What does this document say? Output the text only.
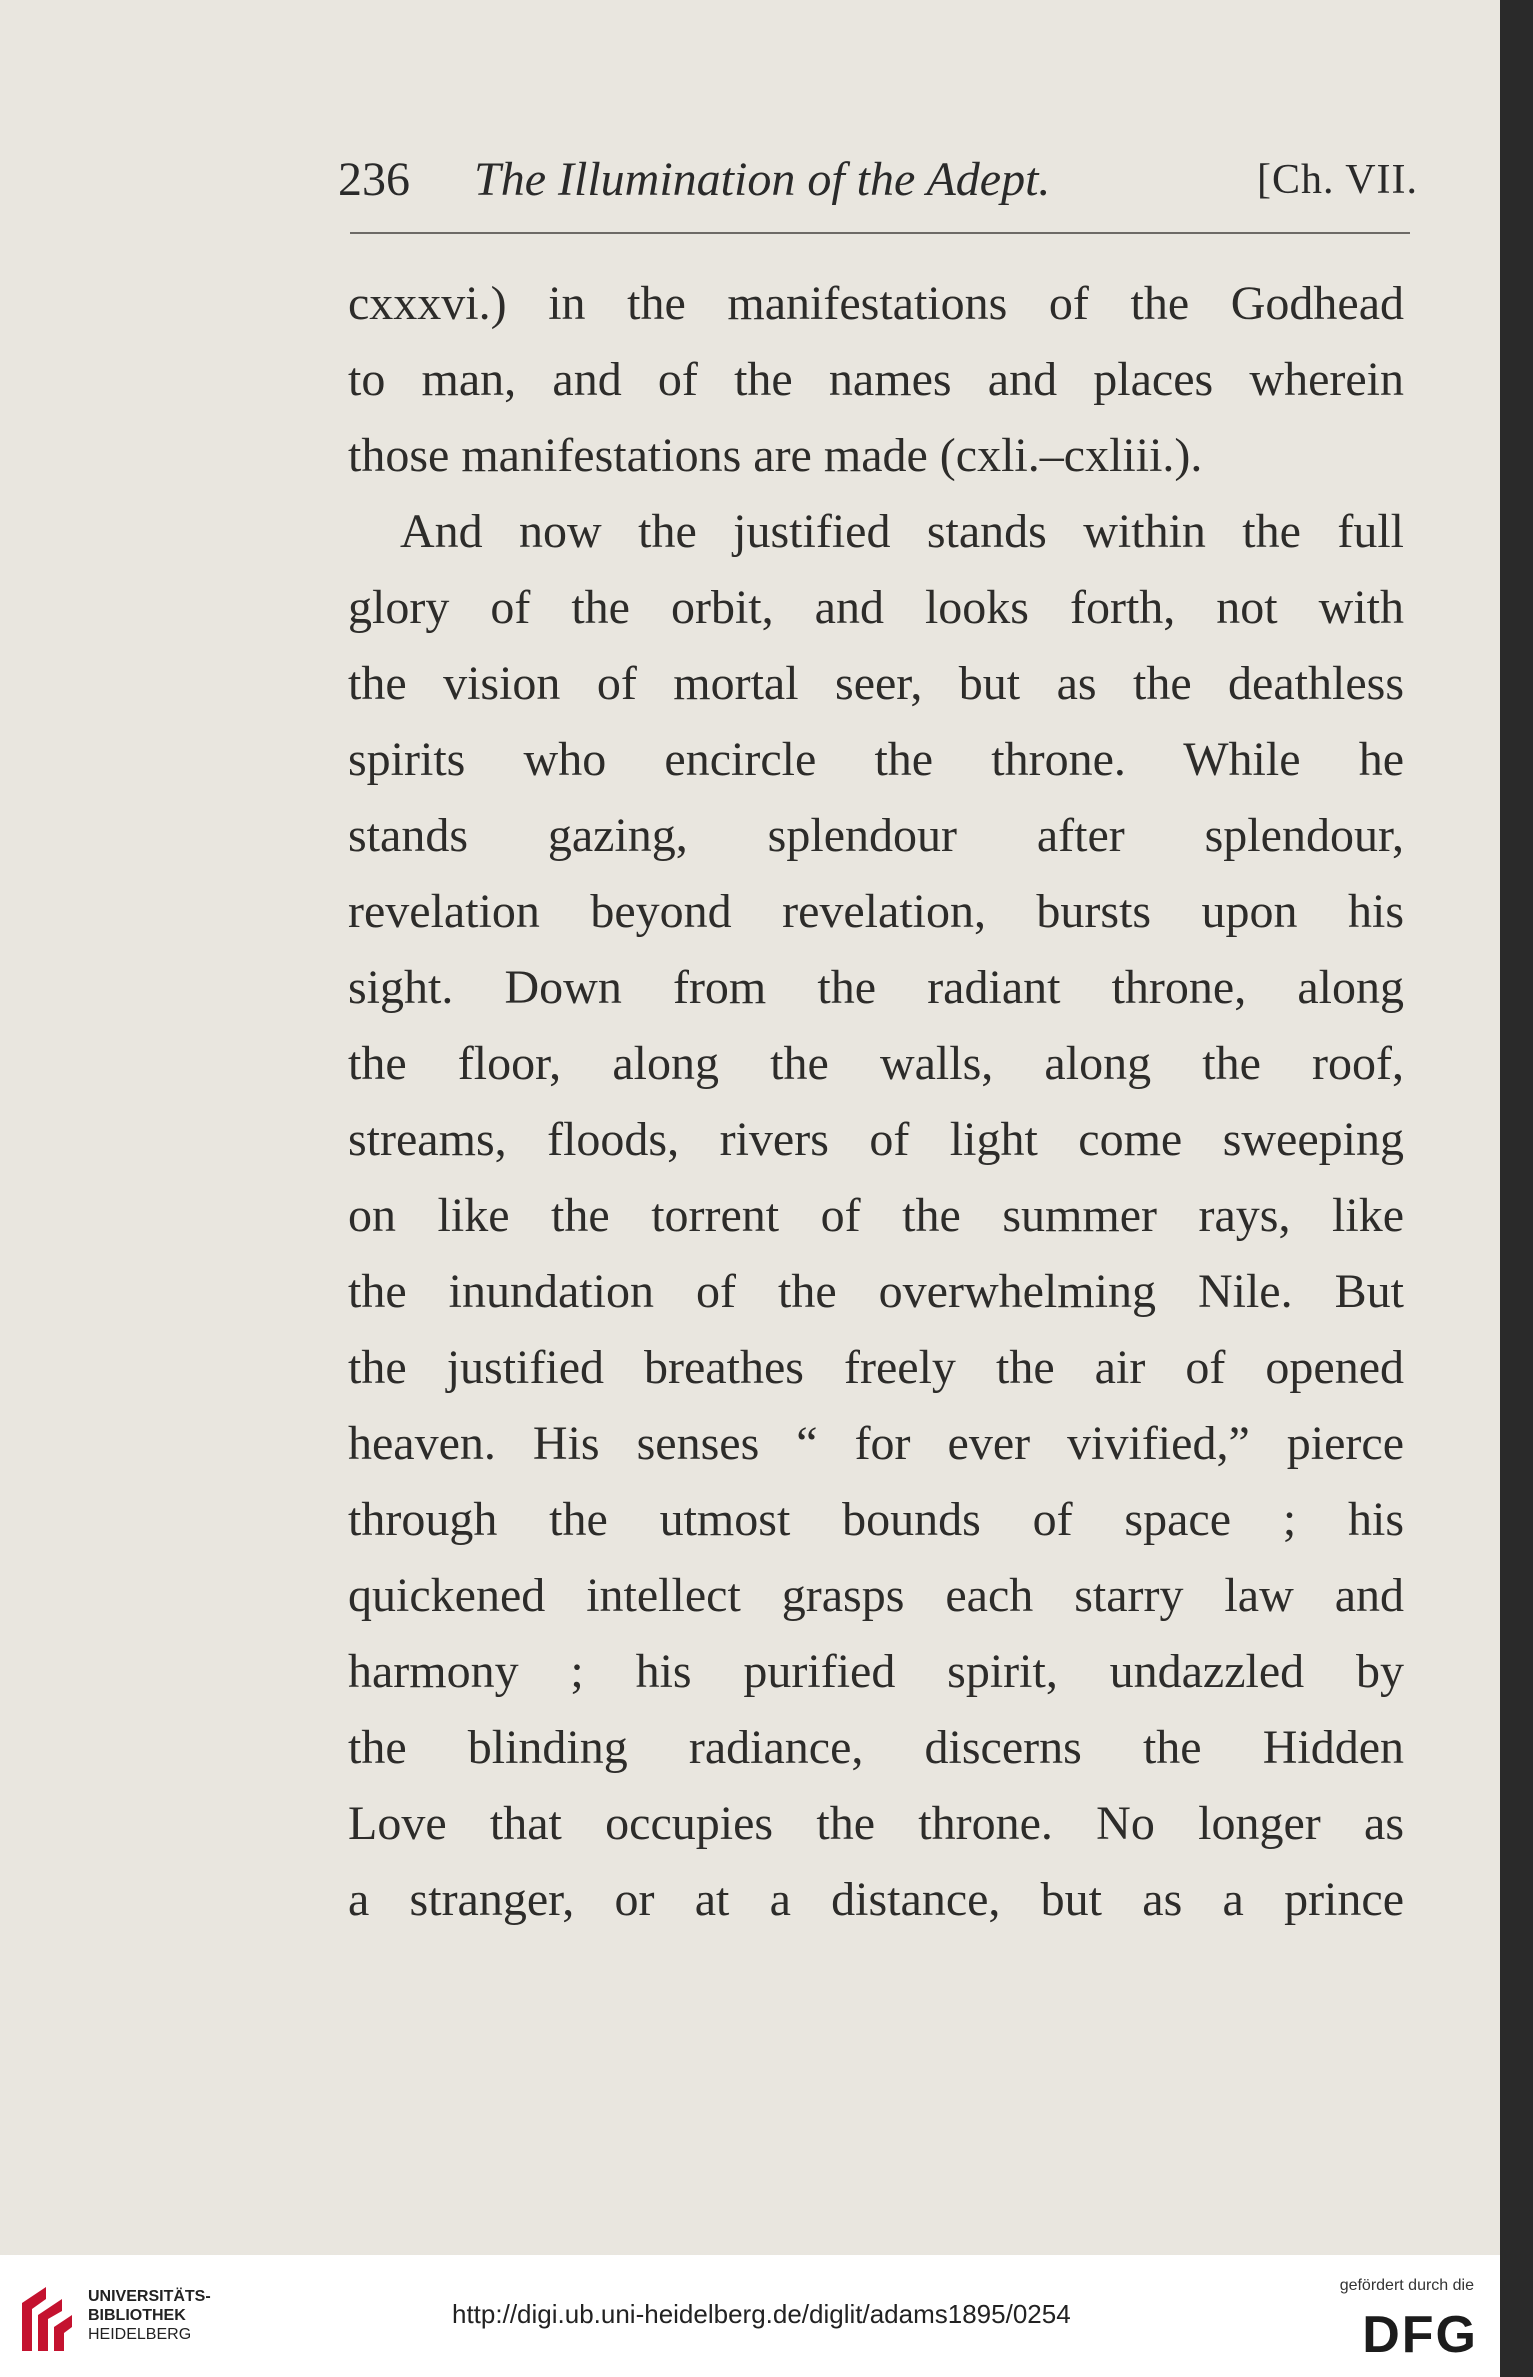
236 The Illumination of the Adept.	[Ch. VII.
cxxxvi.) in the manifestations of the Godhead
to man, and of the names and places wherein
those manifestations are made (cxli.–cxliii.).
And now the justified stands within the full
glory of the orbit, and looks forth, not with
the vision of mortal seer, but as the deathless
spirits who encircle the throne. While he
stands gazing, splendour after splendour,
revelation beyond revelation, bursts upon his
sight. Down from the radiant throne, along
the floor, along the walls, along the roof,
streams, floods, rivers of light come sweeping
on like the torrent of the summer rays, like
the inundation of the overwhelming Nile. But
the justified breathes freely the air of opened
heaven. His senses “ for ever vivified,” pierce
through the utmost bounds of space ; his
quickened intellect grasps each starry law and
harmony ; his purified spirit, undazzled by
the blinding radiance, discerns the Hidden
Love that occupies the throne. No longer as
a stranger, or at a distance, but as a prince
UNIVERSITÄTS-
BIBLIOTHEK
HEIDELBERG
http://digi.ub.uni-heidelberg.de/diglit/adams1895/0254
gefördert durch die
DFG
